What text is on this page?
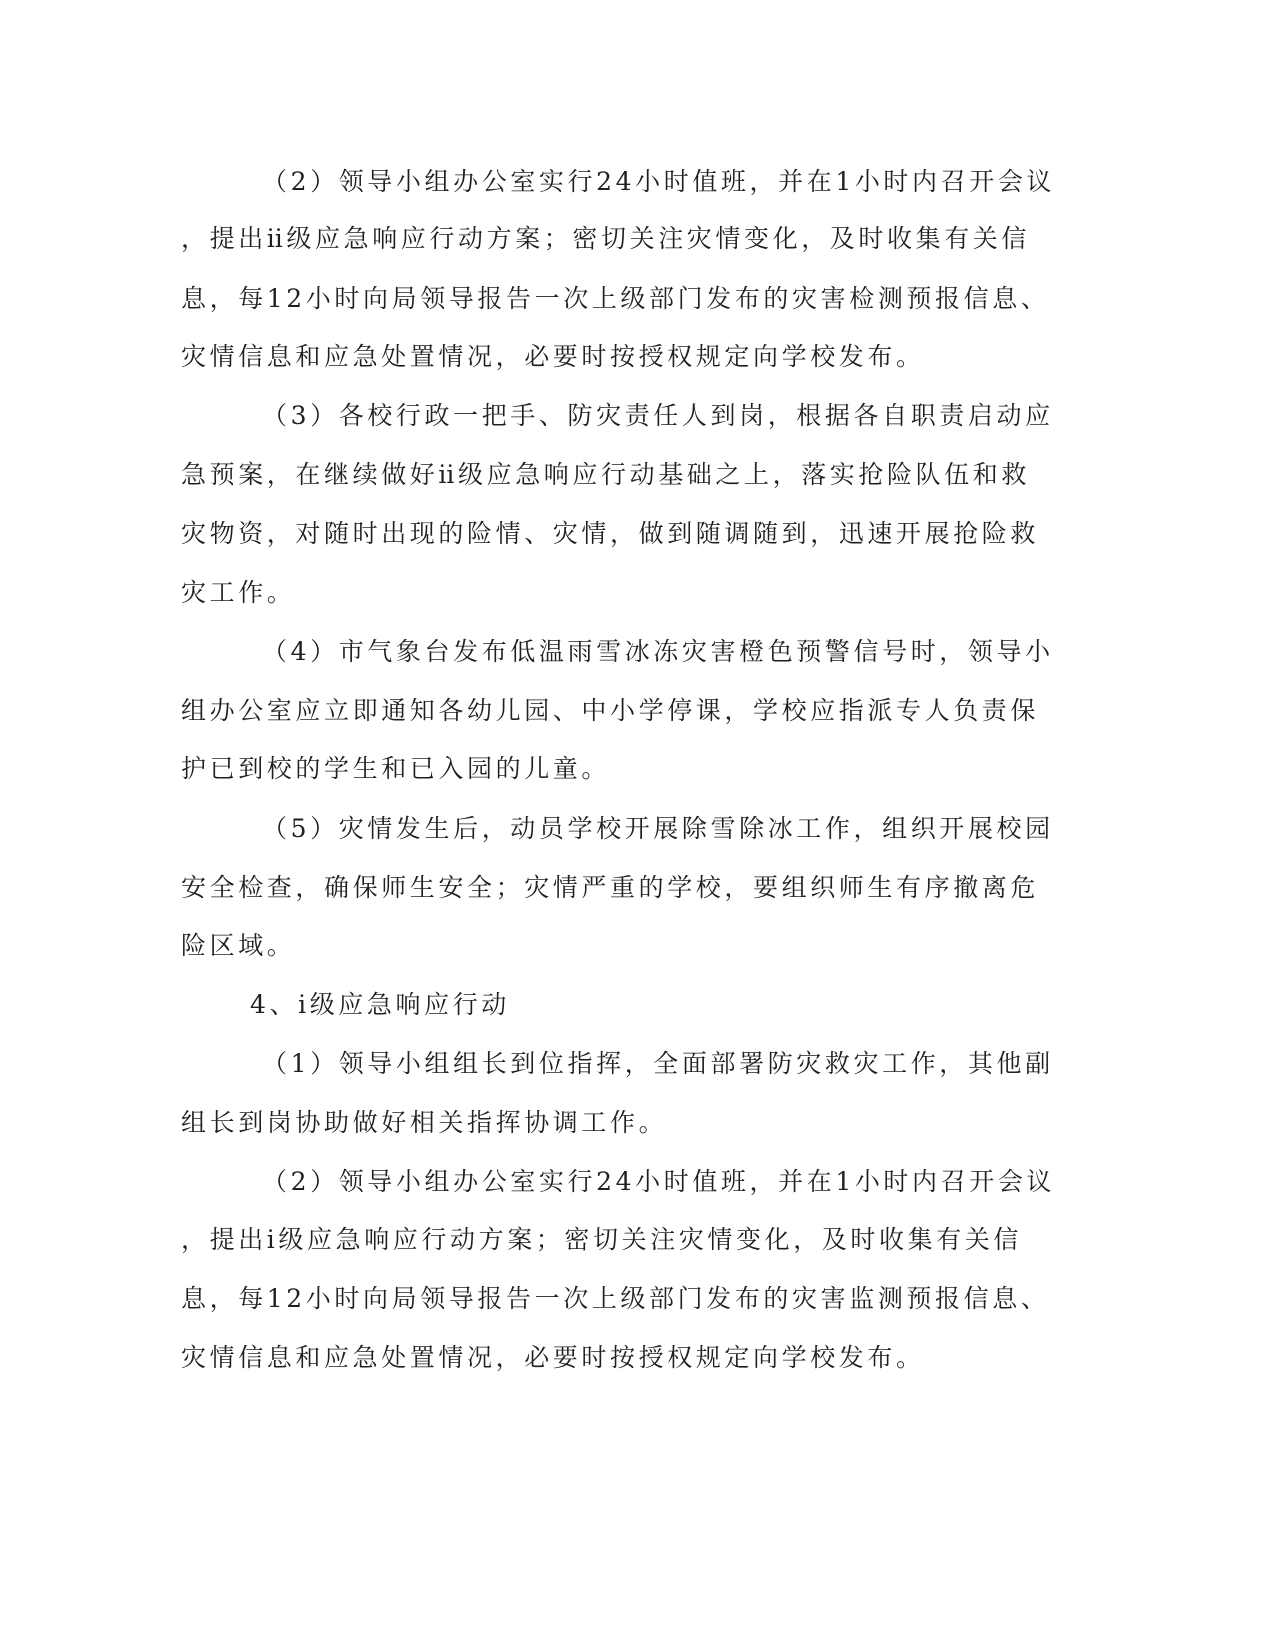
（2）领导小组办公室实行24小时值班，并在1小时内召开会议
，提出ⅱ级应急响应行动方案；密切关注灾情变化，及时收集有关信
息，每12小时向局领导报告一次上级部门发布的灾害检测预报信息、
灾情信息和应急处置情况，必要时按授权规定向学校发布。
（3）各校行政一把手、防灾责任人到岗，根据各自职责启动应
急预案，在继续做好ⅱ级应急响应行动基础之上，落实抢险队伍和救
灾物资，对随时出现的险情、灾情，做到随调随到，迅速开展抢险救
灾工作。
（4）市气象台发布低温雨雪冰冻灾害橙色预警信号时，领导小
组办公室应立即通知各幼儿园、中小学停课，学校应指派专人负责保
护已到校的学生和已入园的儿童。
（5）灾情发生后，动员学校开展除雪除冰工作，组织开展校园
安全检查，确保师生安全；灾情严重的学校，要组织师生有序撤离危
险区域。
4、ⅰ级应急响应行动
（1）领导小组组长到位指挥，全面部署防灾救灾工作，其他副
组长到岗协助做好相关指挥协调工作。
（2）领导小组办公室实行24小时值班，并在1小时内召开会议
，提出ⅰ级应急响应行动方案；密切关注灾情变化，及时收集有关信
息，每12小时向局领导报告一次上级部门发布的灾害监测预报信息、
灾情信息和应急处置情况，必要时按授权规定向学校发布。
